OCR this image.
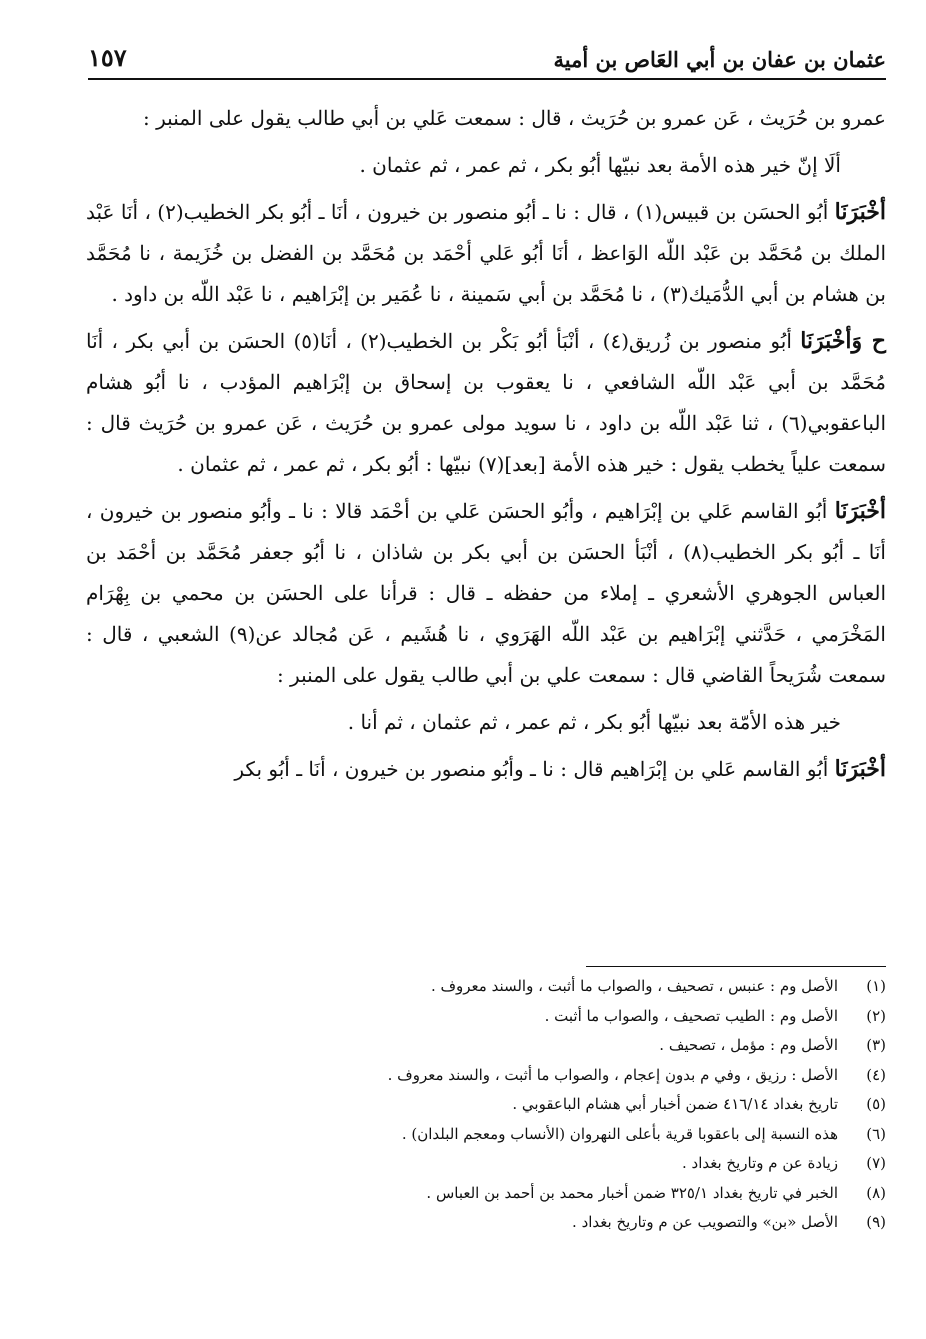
عثمان بن عفان بن أبي العَاص بن أمية
١٥٧

عمرو بن حُرَيث ، عَن عمرو بن حُرَيث ، قال : سمعت عَلي بن أبي طالب يقول على المنبر :

ألَا إنّ خير هذه الأمة بعد نبيّها أبُو بكر ، ثم عمر ، ثم عثمان .

أخْبَرَنَا أبُو الحسَن بن قبيس(١) ، قال : نا ـ أبُو منصور بن خيرون ، أنَا ـ أبُو بكر الخطيب(٢) ، أنَا عَبْد الملك بن مُحَمَّد بن عَبْد اللّه الوَاعظ ، أنَا أبُو عَلي أحْمَد بن مُحَمَّد بن الفضل بن خُزَيمة ، نا مُحَمَّد بن هشام بن أبي الدُّمَيك(٣) ، نا مُحَمَّد بن أبي سَمينة ، نا عُمَير بن إبْرَاهيم ، نا عَبْد اللّه بن داود .

ح وَأخْبَرَنَا أبُو منصور بن زُريق(٤) ، أنْبَأ أبُو بَكْر بن الخطيب(٢) ، أنَا(٥) الحسَن بن أبي بكر ، أنَا مُحَمَّد بن أبي عَبْد اللّه الشافعي ، نا يعقوب بن إسحاق بن إبْرَاهيم المؤدب ، نا أبُو هشام الباعقوبي(٦) ، ثنا عَبْد اللّه بن داود ، نا سويد مولى عمرو بن حُرَيث ، عَن عمرو بن حُرَيث قال : سمعت علياً يخطب يقول : خير هذه الأمة [بعد](٧) نبيّها : أبُو بكر ، ثم عمر ، ثم عثمان .

أخْبَرَنَا أبُو القاسم عَلي بن إبْرَاهيم ، وأبُو الحسَن عَلي بن أحْمَد قالا : نا ـ وأبُو منصور بن خيرون ، أنَا ـ أبُو بكر الخطيب(٨) ، أنْبَأ الحسَن بن أبي بكر بن شاذان ، نا أبُو جعفر مُحَمَّد بن أحْمَد بن العباس الجوهري الأشعري ـ إملاء من حفظه ـ قال : قرأنا على الحسَن بن محمي بن بِهْرَام المَخْرَمي ، حَدَّثني إبْرَاهيم بن عَبْد اللّه الهَرَوي ، نا هُشَيم ، عَن مُجالد عن(٩) الشعبي ، قال : سمعت شُرَيحاً القاضي قال : سمعت علي بن أبي طالب يقول على المنبر :

خير هذه الأمّة بعد نبيّها أبُو بكر ، ثم عمر ، ثم عثمان ، ثم أنا .

أخْبَرَنَا أبُو القاسم عَلي بن إبْرَاهيم قال : نا ـ وأبُو منصور بن خيرون ، أنَا ـ أبُو بكر

(١)
الأصل وم : عنبس ، تصحيف ، والصواب ما أثبت ، والسند معروف .
(٢)
الأصل وم : الطيب تصحيف ، والصواب ما أثبت .
(٣)
الأصل وم : مؤمل ، تصحيف .
(٤)
الأصل : رزيق ، وفي م بدون إعجام ، والصواب ما أثبت ، والسند معروف .
(٥)
تاريخ بغداد ٤١٦/١٤ ضمن أخبار أبي هشام الباعقوبي .
(٦)
هذه النسبة إلى باعقوبا قرية بأعلى النهروان (الأنساب ومعجم البلدان) .
(٧)
زيادة عن م وتاريخ بغداد .
(٨)
الخبر في تاريخ بغداد ٣٢٥/١ ضمن أخبار محمد بن أحمد بن العباس .
(٩)
الأصل «بن» والتصويب عن م وتاريخ بغداد .
